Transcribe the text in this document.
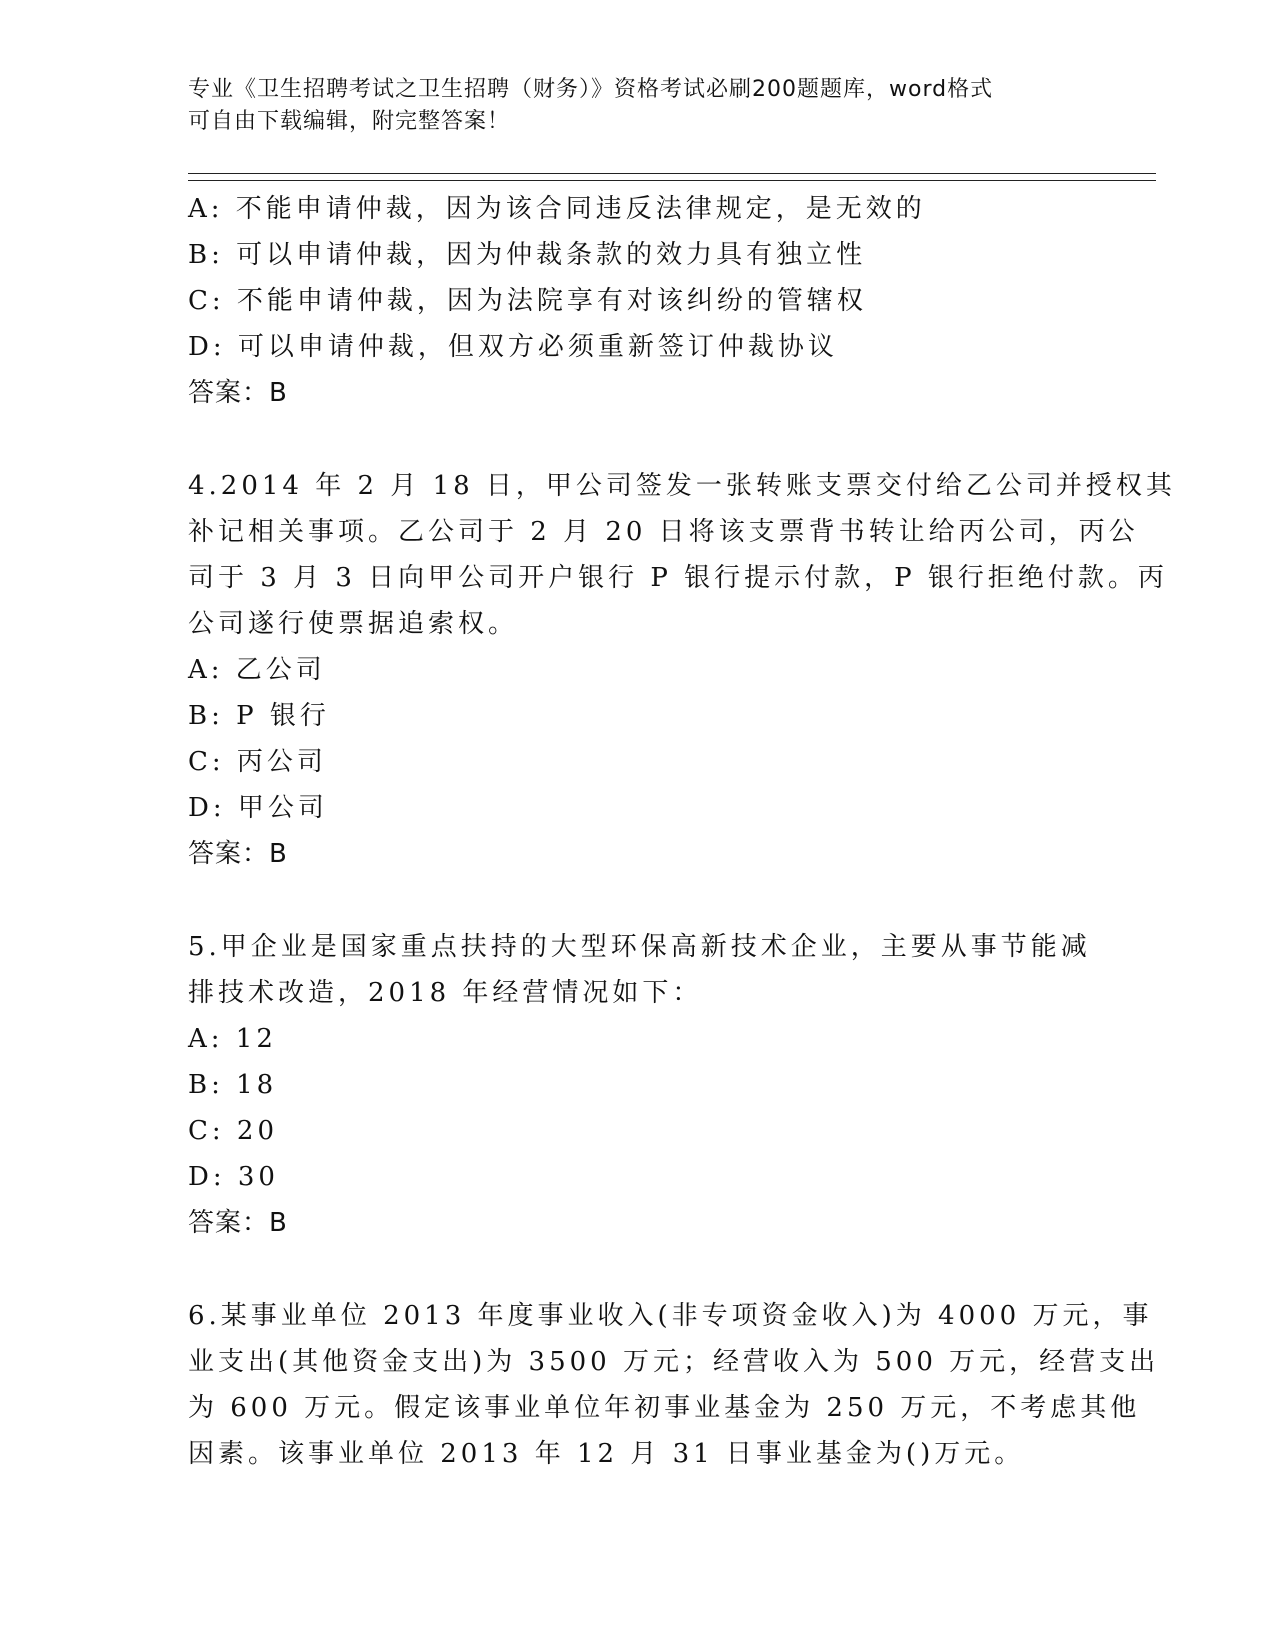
专业《卫生招聘考试之卫生招聘（财务）》资格考试必刷200题题库，word格式
可自由下载编辑，附完整答案！
A: 不能申请仲裁，因为该合同违反法律规定，是无效的
B: 可以申请仲裁，因为仲裁条款的效力具有独立性
C: 不能申请仲裁，因为法院享有对该纠纷的管辖权
D: 可以申请仲裁，但双方必须重新签订仲裁协议
答案：B
4.2014 年 2 月 18 日，甲公司签发一张转账支票交付给乙公司并授权其
补记相关事项。乙公司于 2 月 20 日将该支票背书转让给丙公司，丙公
司于 3 月 3 日向甲公司开户银行 P 银行提示付款，P 银行拒绝付款。丙
公司遂行使票据追索权。
A: 乙公司
B: P 银行
C: 丙公司
D: 甲公司
答案：B
5.甲企业是国家重点扶持的大型环保高新技术企业，主要从事节能减
排技术改造，2018 年经营情况如下：
A: 12
B: 18
C: 20
D: 30
答案：B
6.某事业单位 2013 年度事业收入(非专项资金收入)为 4000 万元，事
业支出(其他资金支出)为 3500 万元；经营收入为 500 万元，经营支出
为 600 万元。假定该事业单位年初事业基金为 250 万元，不考虑其他
因素。该事业单位 2013 年 12 月 31 日事业基金为()万元。
